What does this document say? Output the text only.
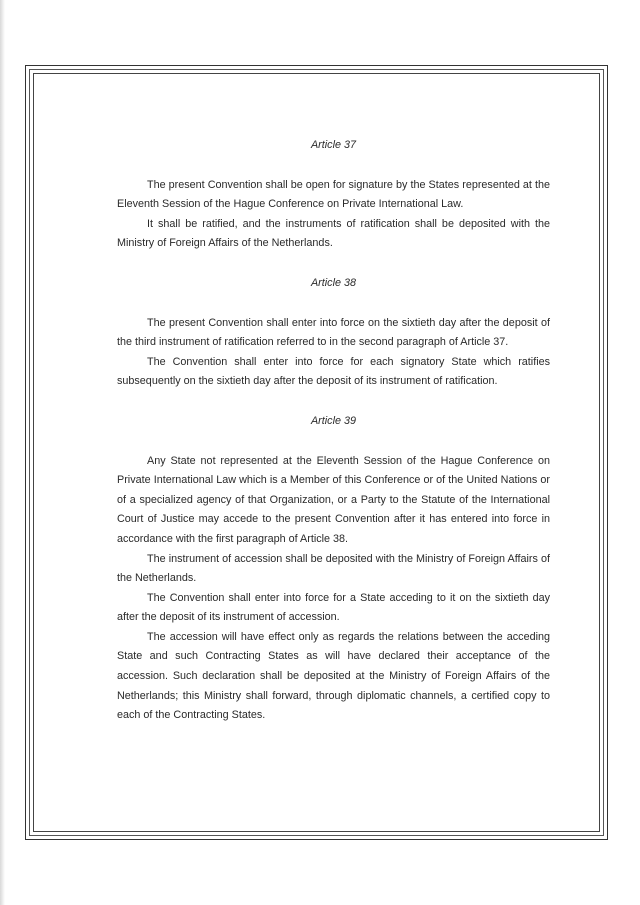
Article 37

The present Convention shall be open for signature by the States represented at the Eleventh Session of the Hague Conference on Private International Law.

It shall be ratified, and the instruments of ratification shall be deposited with the Ministry of Foreign Affairs of the Netherlands.

Article 38

The present Convention shall enter into force on the sixtieth day after the deposit of the third instrument of ratification referred to in the second paragraph of Article 37.

The Convention shall enter into force for each signatory State which ratifies subsequently on the sixtieth day after the deposit of its instrument of ratification.

Article 39

Any State not represented at the Eleventh Session of the Hague Conference on Private International Law which is a Member of this Conference or of the United Nations or of a specialized agency of that Organization, or a Party to the Statute of the International Court of Justice may accede to the present Convention after it has entered into force in accordance with the first paragraph of Article 38.

The instrument of accession shall be deposited with the Ministry of Foreign Affairs of the Netherlands.

The Convention shall enter into force for a State acceding to it on the sixtieth day after the deposit of its instrument of accession.

The accession will have effect only as regards the relations between the acceding State and such Contracting States as will have declared their acceptance of the accession. Such declaration shall be deposited at the Ministry of Foreign Affairs of the Netherlands; this Ministry shall forward, through diplomatic channels, a certified copy to each of the Contracting States.
